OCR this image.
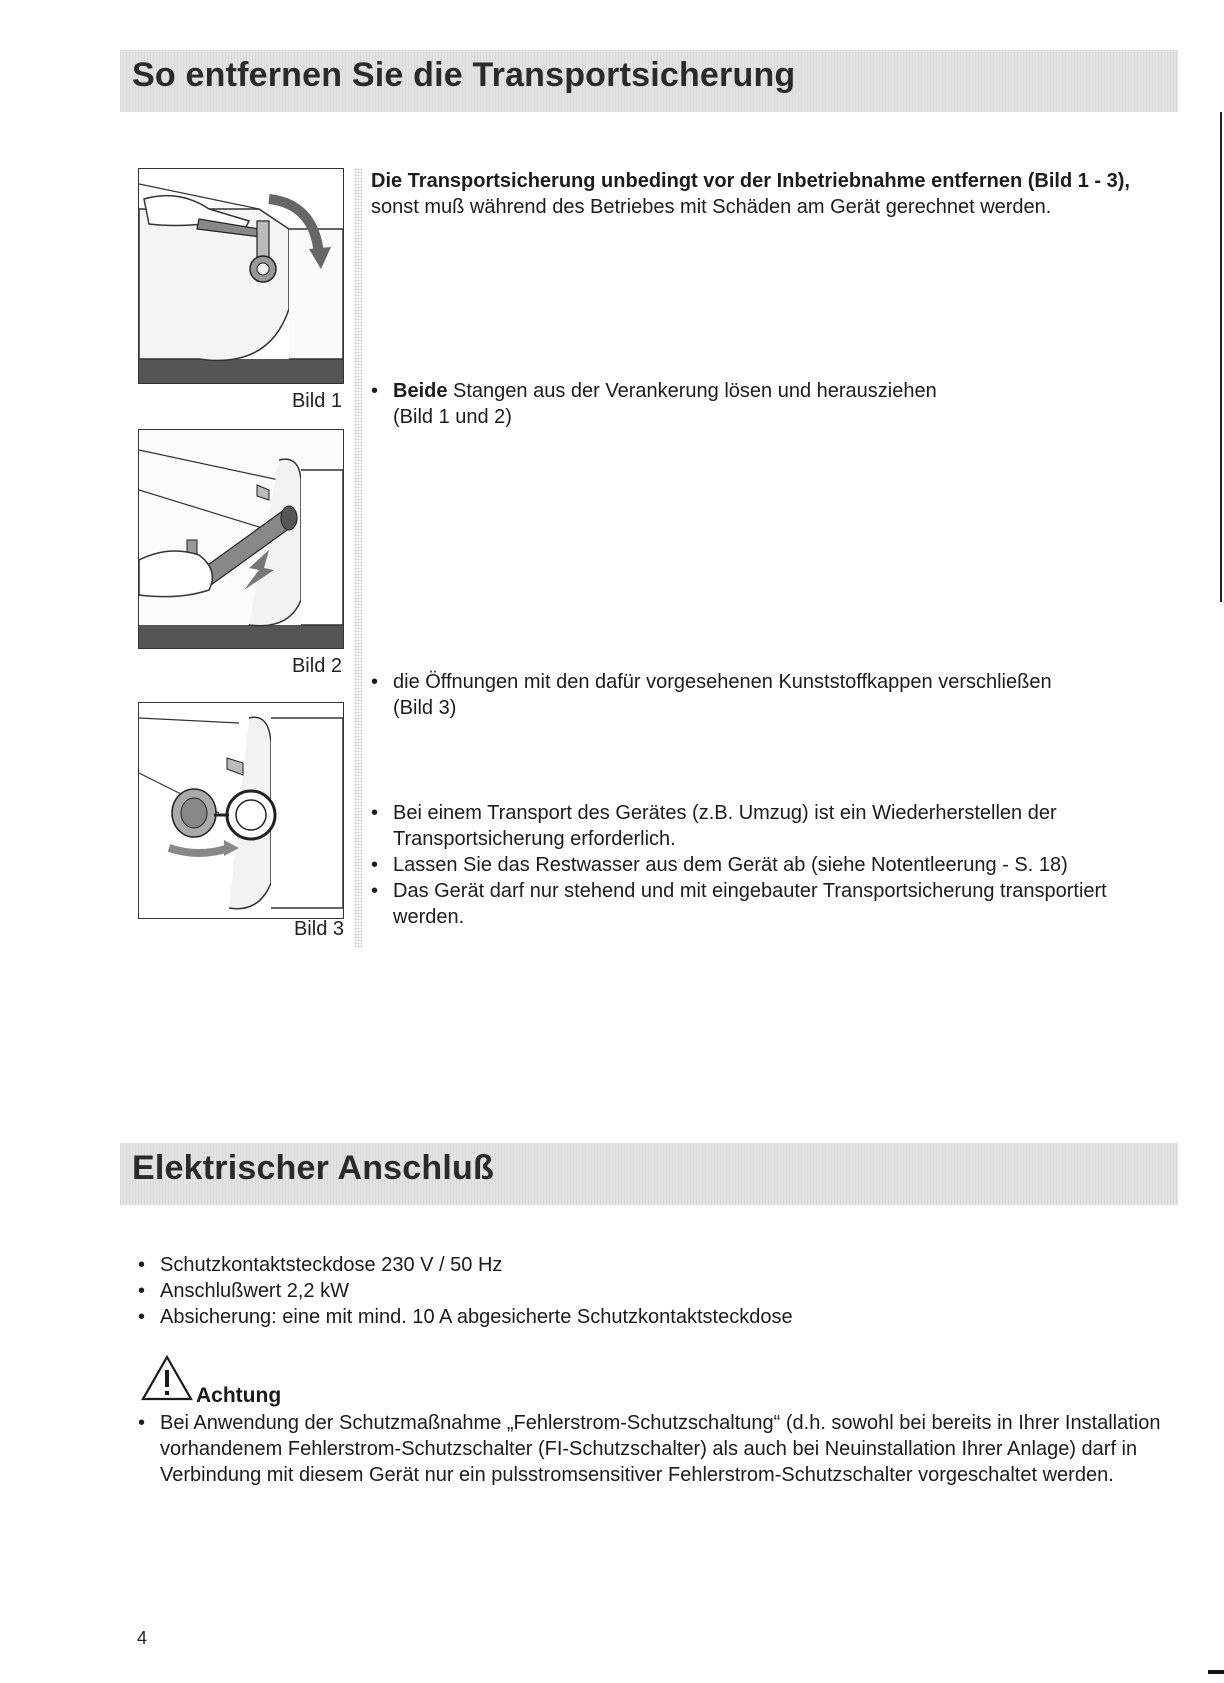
So entfernen Sie die Transportsicherung
Bild 1
Bild 2
Bild 3
Die Transportsicherung unbedingt vor der Inbetriebnahme entfernen (Bild 1 - 3), sonst muß während des Betriebes mit Schäden am Gerät gerechnet werden.
• Beide Stangen aus der Verankerung lösen und herausziehen
(Bild 1 und 2)
• die Öffnungen mit den dafür vorgesehenen Kunststoffkappen verschließen
(Bild 3)
• Bei einem Transport des Gerätes (z.B. Umzug) ist ein Wiederherstellen der Transportsicherung erforderlich.
• Lassen Sie das Restwasser aus dem Gerät ab (siehe Notentleerung - S. 18)
• Das Gerät darf nur stehend und mit eingebauter Transportsicherung transportiert werden.
Elektrischer Anschluß
• Schutzkontaktsteckdose 230 V / 50 Hz
• Anschlußwert 2,2 kW
• Absicherung: eine mit mind. 10 A abgesicherte Schutzkontaktsteckdose
Achtung
• Bei Anwendung der Schutzmaßnahme „Fehlerstrom-Schutzschaltung“ (d.h. sowohl bei bereits in Ihrer Installation vorhandenem Fehlerstrom-Schutzschalter (FI-Schutzschalter) als auch bei Neuinstallation Ihrer Anlage) darf in Verbindung mit diesem Gerät nur ein pulsstromsensitiver Fehlerstrom-Schutzschalter vorgeschaltet werden.
4
